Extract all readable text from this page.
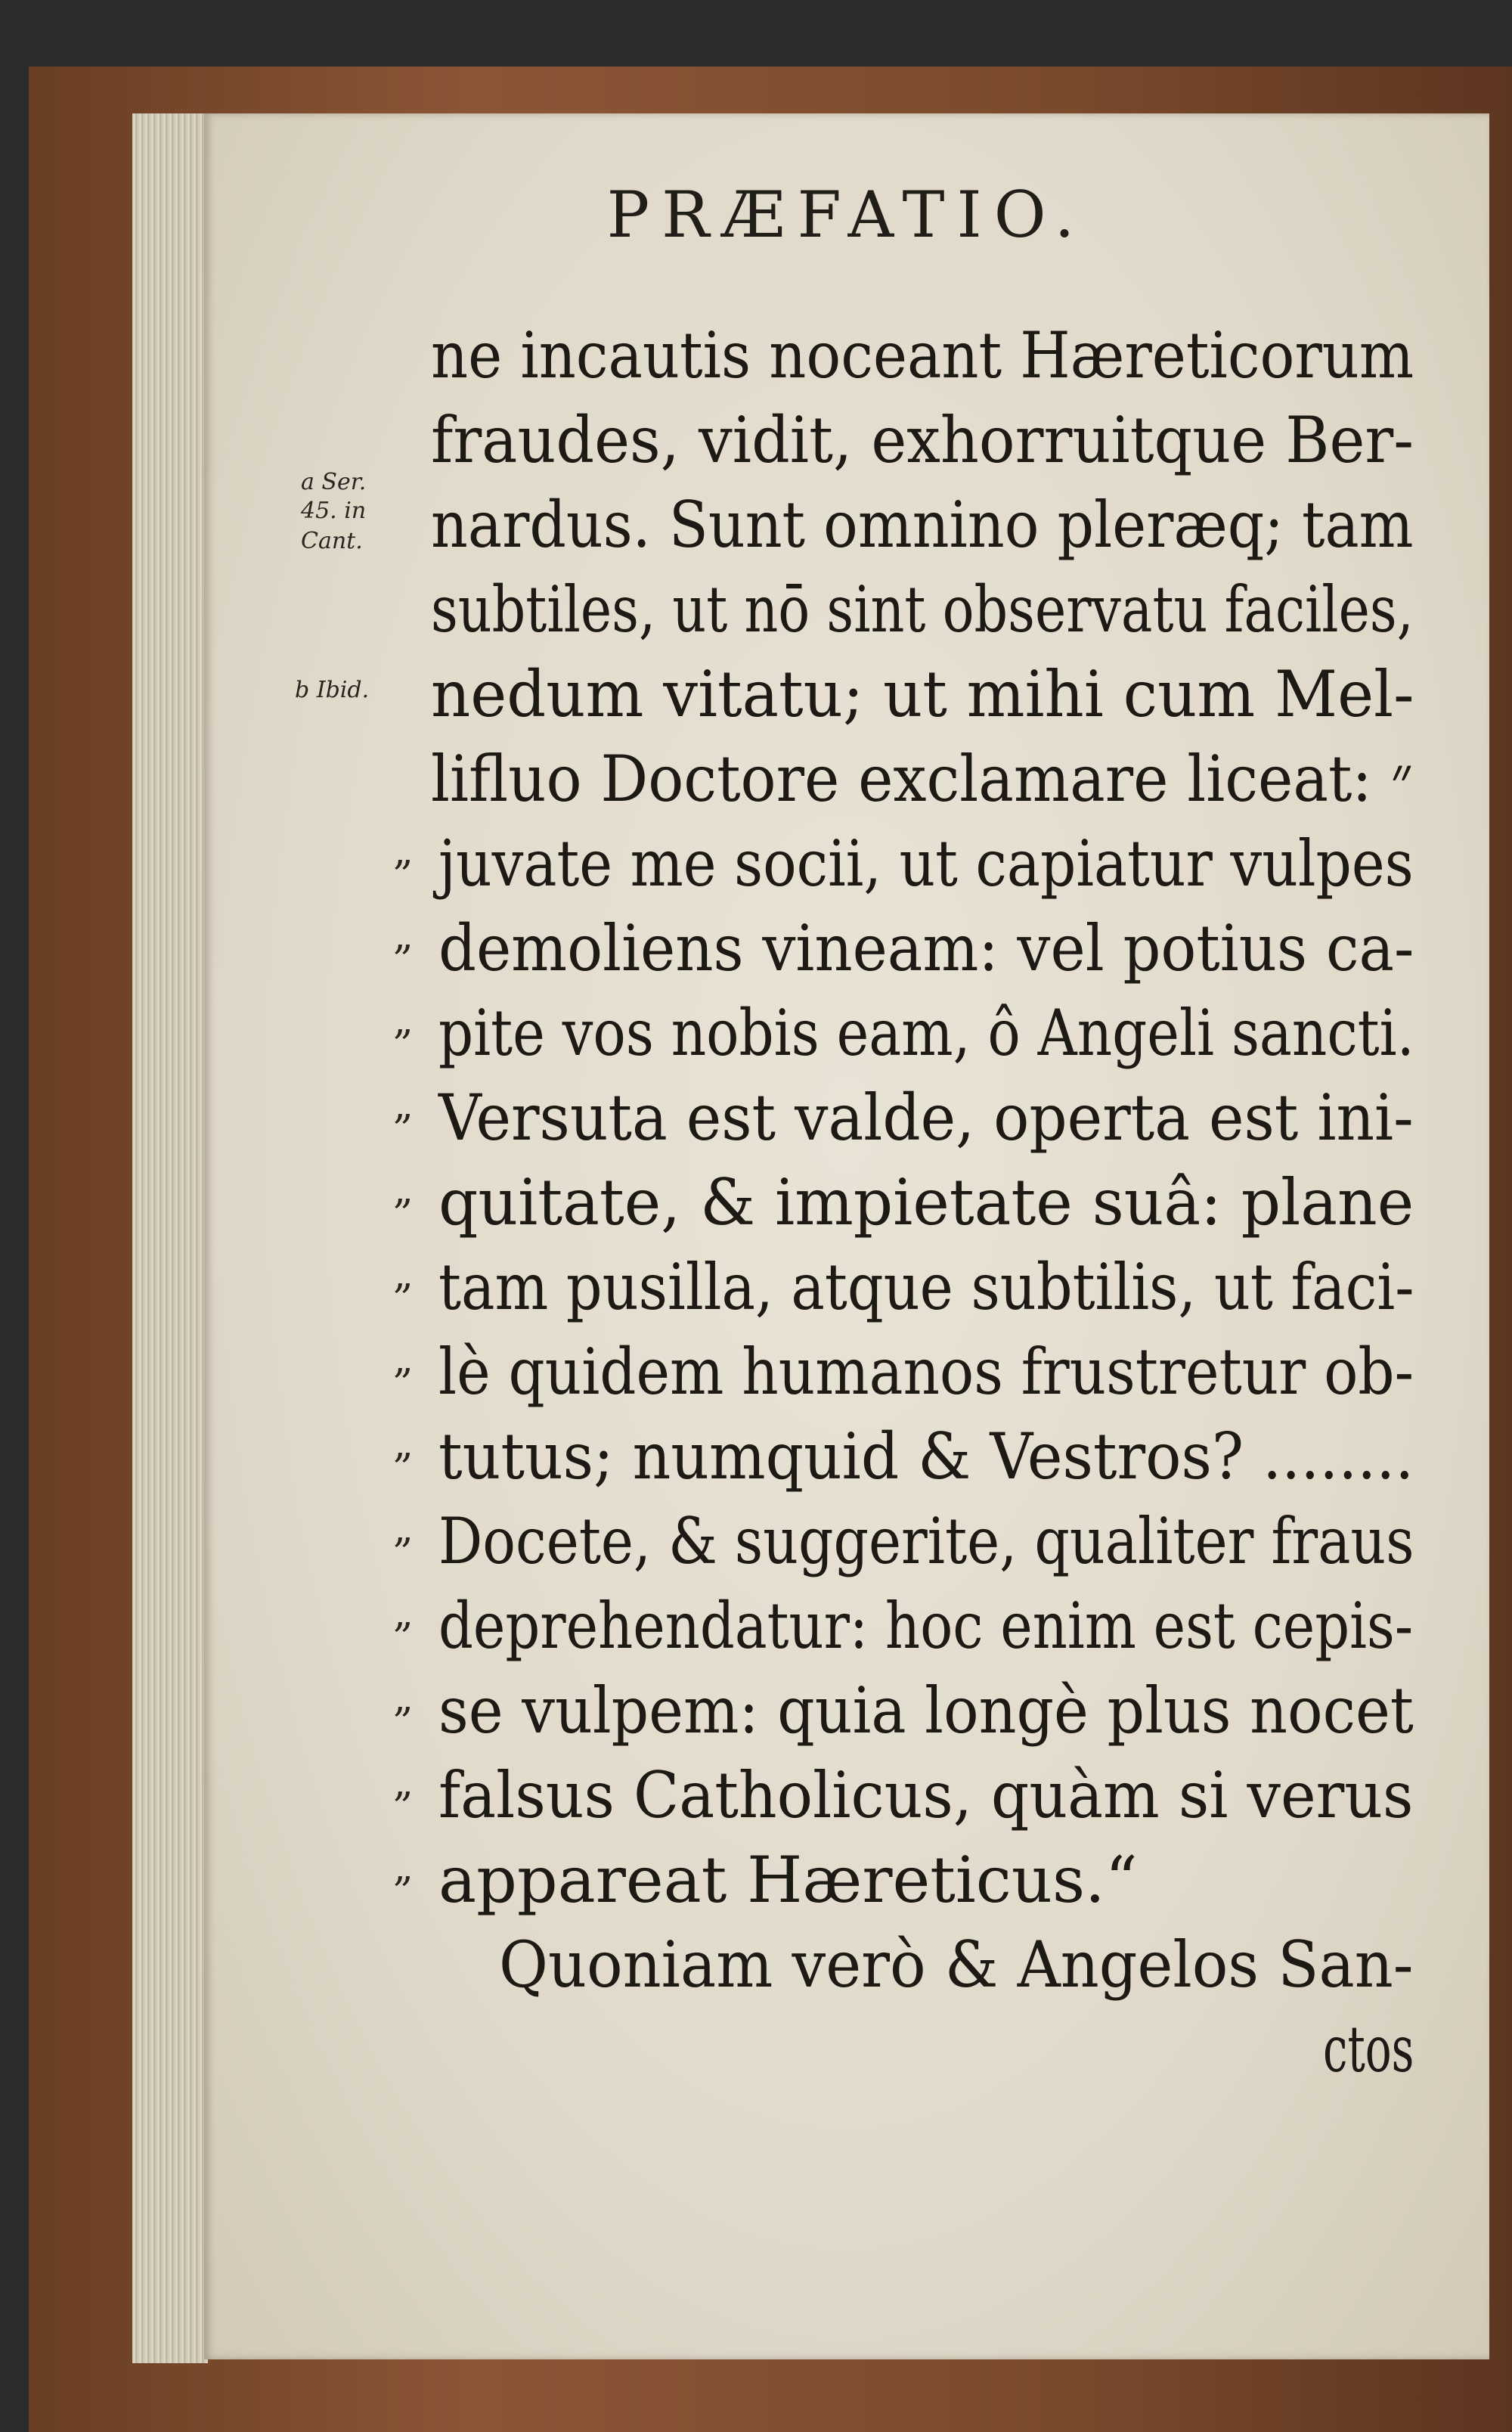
PRÆFATIO.
a Ser.
45. in
Cant.
b Ibid.
ne incautis noceant Hæreticorum
fraudes, vidit, exhorruitque Ber-
nardus. Sunt omnino pleræq; tam
subtiles, ut nō sint observatu faciles,
nedum vitatu; ut mihi cum Mel-
lifluo Doctore exclamare liceat: ״
juvate me socii, ut capiatur vulpes
demoliens vineam: vel potius ca-
pite vos nobis eam, ô Angeli sancti.
Versuta est valde, operta est ini-
quitate, & impietate suâ: plane
tam pusilla, atque subtilis, ut faci-
lè quidem humanos frustretur ob-
tutus; numquid & Vestros? ........
Docete, & suggerite, qualiter fraus
deprehendatur: hoc enim est cepis-
se vulpem: quia longè plus nocet
falsus Catholicus, quàm si verus
appareat Hæreticus.“
Quoniam verò & Angelos San-
ctos
„
„
„
„
„
„
„
„
„
„
„
„
„
